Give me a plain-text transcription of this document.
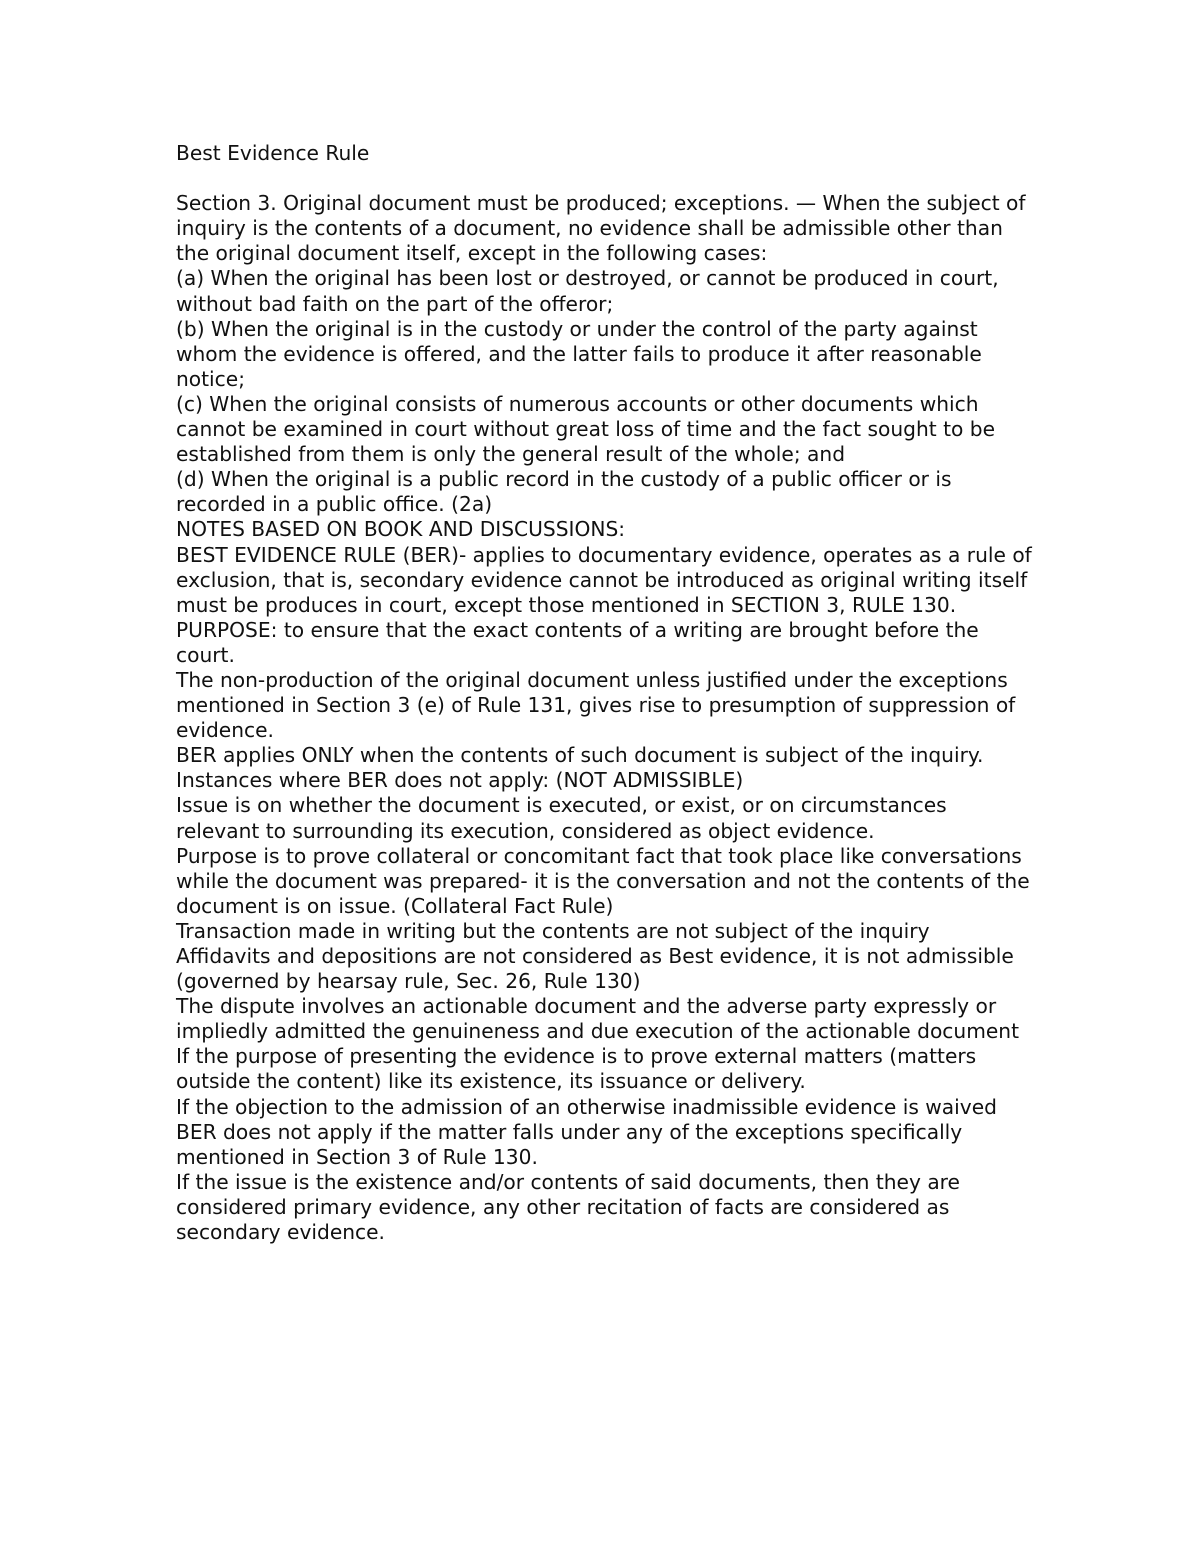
Best Evidence Rule

Section 3. Original document must be produced; exceptions. — When the subject of inquiry is the contents of a document, no evidence shall be admissible other than the original document itself, except in the following cases:

(a) When the original has been lost or destroyed, or cannot be produced in court, without bad faith on the part of the offeror;

(b) When the original is in the custody or under the control of the party against whom the evidence is offered, and the latter fails to produce it after reasonable notice;

(c) When the original consists of numerous accounts or other documents which cannot be examined in court without great loss of time and the fact sought to be established from them is only the general result of the whole; and

(d) When the original is a public record in the custody of a public officer or is recorded in a public office. (2a)

NOTES BASED ON BOOK AND DISCUSSIONS:

BEST EVIDENCE RULE (BER)- applies to documentary evidence, operates as a rule of exclusion, that is, secondary evidence cannot be introduced as original writing itself must be produces in court, except those mentioned in SECTION 3, RULE 130.

PURPOSE: to ensure that the exact contents of a writing are brought before the court.

The non-production of the original document unless justified under the exceptions mentioned in Section 3 (e) of Rule 131, gives rise to presumption of suppression of evidence.

BER applies ONLY when the contents of such document is subject of the inquiry.

Instances where BER does not apply: (NOT ADMISSIBLE)

Issue is on whether the document is executed, or exist, or on circumstances relevant to surrounding its execution, considered as object evidence.

Purpose is to prove collateral or concomitant fact that took place like conversations while the document was prepared- it is the conversation and not the contents of the document is on issue. (Collateral Fact Rule)

Transaction made in writing but the contents are not subject of the inquiry

Affidavits and depositions are not considered as Best evidence, it is not admissible (governed by hearsay rule, Sec. 26, Rule 130)

The dispute involves an actionable document and the adverse party expressly or impliedly admitted the genuineness and due execution of the actionable document

If the purpose of presenting the evidence is to prove external matters (matters outside the content) like its existence, its issuance or delivery.

If the objection to the admission of an otherwise inadmissible evidence is waived

BER does not apply if the matter falls under any of the exceptions specifically mentioned in Section 3 of Rule 130.

If the issue is the existence and/or contents of said documents, then they are considered primary evidence, any other recitation of facts are considered as secondary evidence.
